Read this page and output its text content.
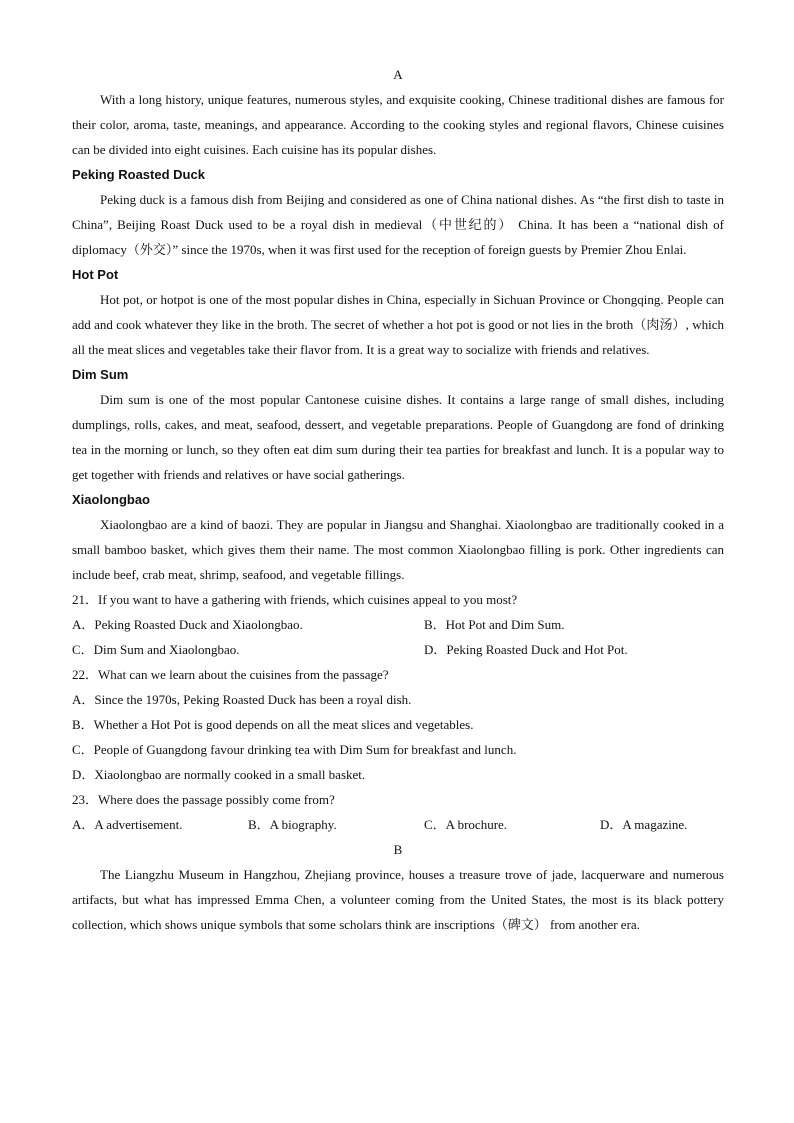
A

With a long history, unique features, numerous styles, and exquisite cooking, Chinese traditional dishes are famous for their color, aroma, taste, meanings, and appearance. According to the cooking styles and regional flavors, Chinese cuisines can be divided into eight cuisines. Each cuisine has its popular dishes.

Peking Roasted Duck

Peking duck is a famous dish from Beijing and considered as one of China national dishes. As “the first dish to taste in China”, Beijing Roast Duck used to be a royal dish in medieval（中世纪的） China. It has been a “national dish of diplomacy（外交）” since the 1970s, when it was first used for the reception of foreign guests by Premier Zhou Enlai.

Hot Pot

Hot pot, or hotpot is one of the most popular dishes in China, especially in Sichuan Province or Chongqing. People can add and cook whatever they like in the broth. The secret of whether a hot pot is good or not lies in the broth（肉汤）, which all the meat slices and vegetables take their flavor from. It is a great way to socialize with friends and relatives.

Dim Sum

Dim sum is one of the most popular Cantonese cuisine dishes. It contains a large range of small dishes, including dumplings, rolls, cakes, and meat, seafood, dessert, and vegetable preparations. People of Guangdong are fond of drinking tea in the morning or lunch, so they often eat dim sum during their tea parties for breakfast and lunch. It is a popular way to get together with friends and relatives or have social gatherings.

Xiaolongbao

Xiaolongbao are a kind of baozi. They are popular in Jiangsu and Shanghai. Xiaolongbao are traditionally cooked in a small bamboo basket, which gives them their name. The most common Xiaolongbao filling is pork. Other ingredients can include beef, crab meat, shrimp, seafood, and vegetable fillings.

21．If you want to have a gathering with friends, which cuisines appeal to you most?

A．Peking Roasted Duck and Xiaolongbao.	B．Hot Pot and Dim Sum.
C．Dim Sum and Xiaolongbao.	D．Peking Roasted Duck and Hot Pot.

22．What can we learn about the cuisines from the passage?

A．Since the 1970s, Peking Roasted Duck has been a royal dish.

B．Whether a Hot Pot is good depends on all the meat slices and vegetables.

C．People of Guangdong favour drinking tea with Dim Sum for breakfast and lunch.

D．Xiaolongbao are normally cooked in a small basket.

23．Where does the passage possibly come from?

A．A advertisement.	B．A biography.	C．A brochure.	D．A magazine.
B

The Liangzhu Museum in Hangzhou, Zhejiang province, houses a treasure trove of jade, lacquerware and numerous artifacts, but what has impressed Emma Chen, a volunteer coming from the United States, the most is its black pottery collection, which shows unique symbols that some scholars think are inscriptions（碑文） from another era.
